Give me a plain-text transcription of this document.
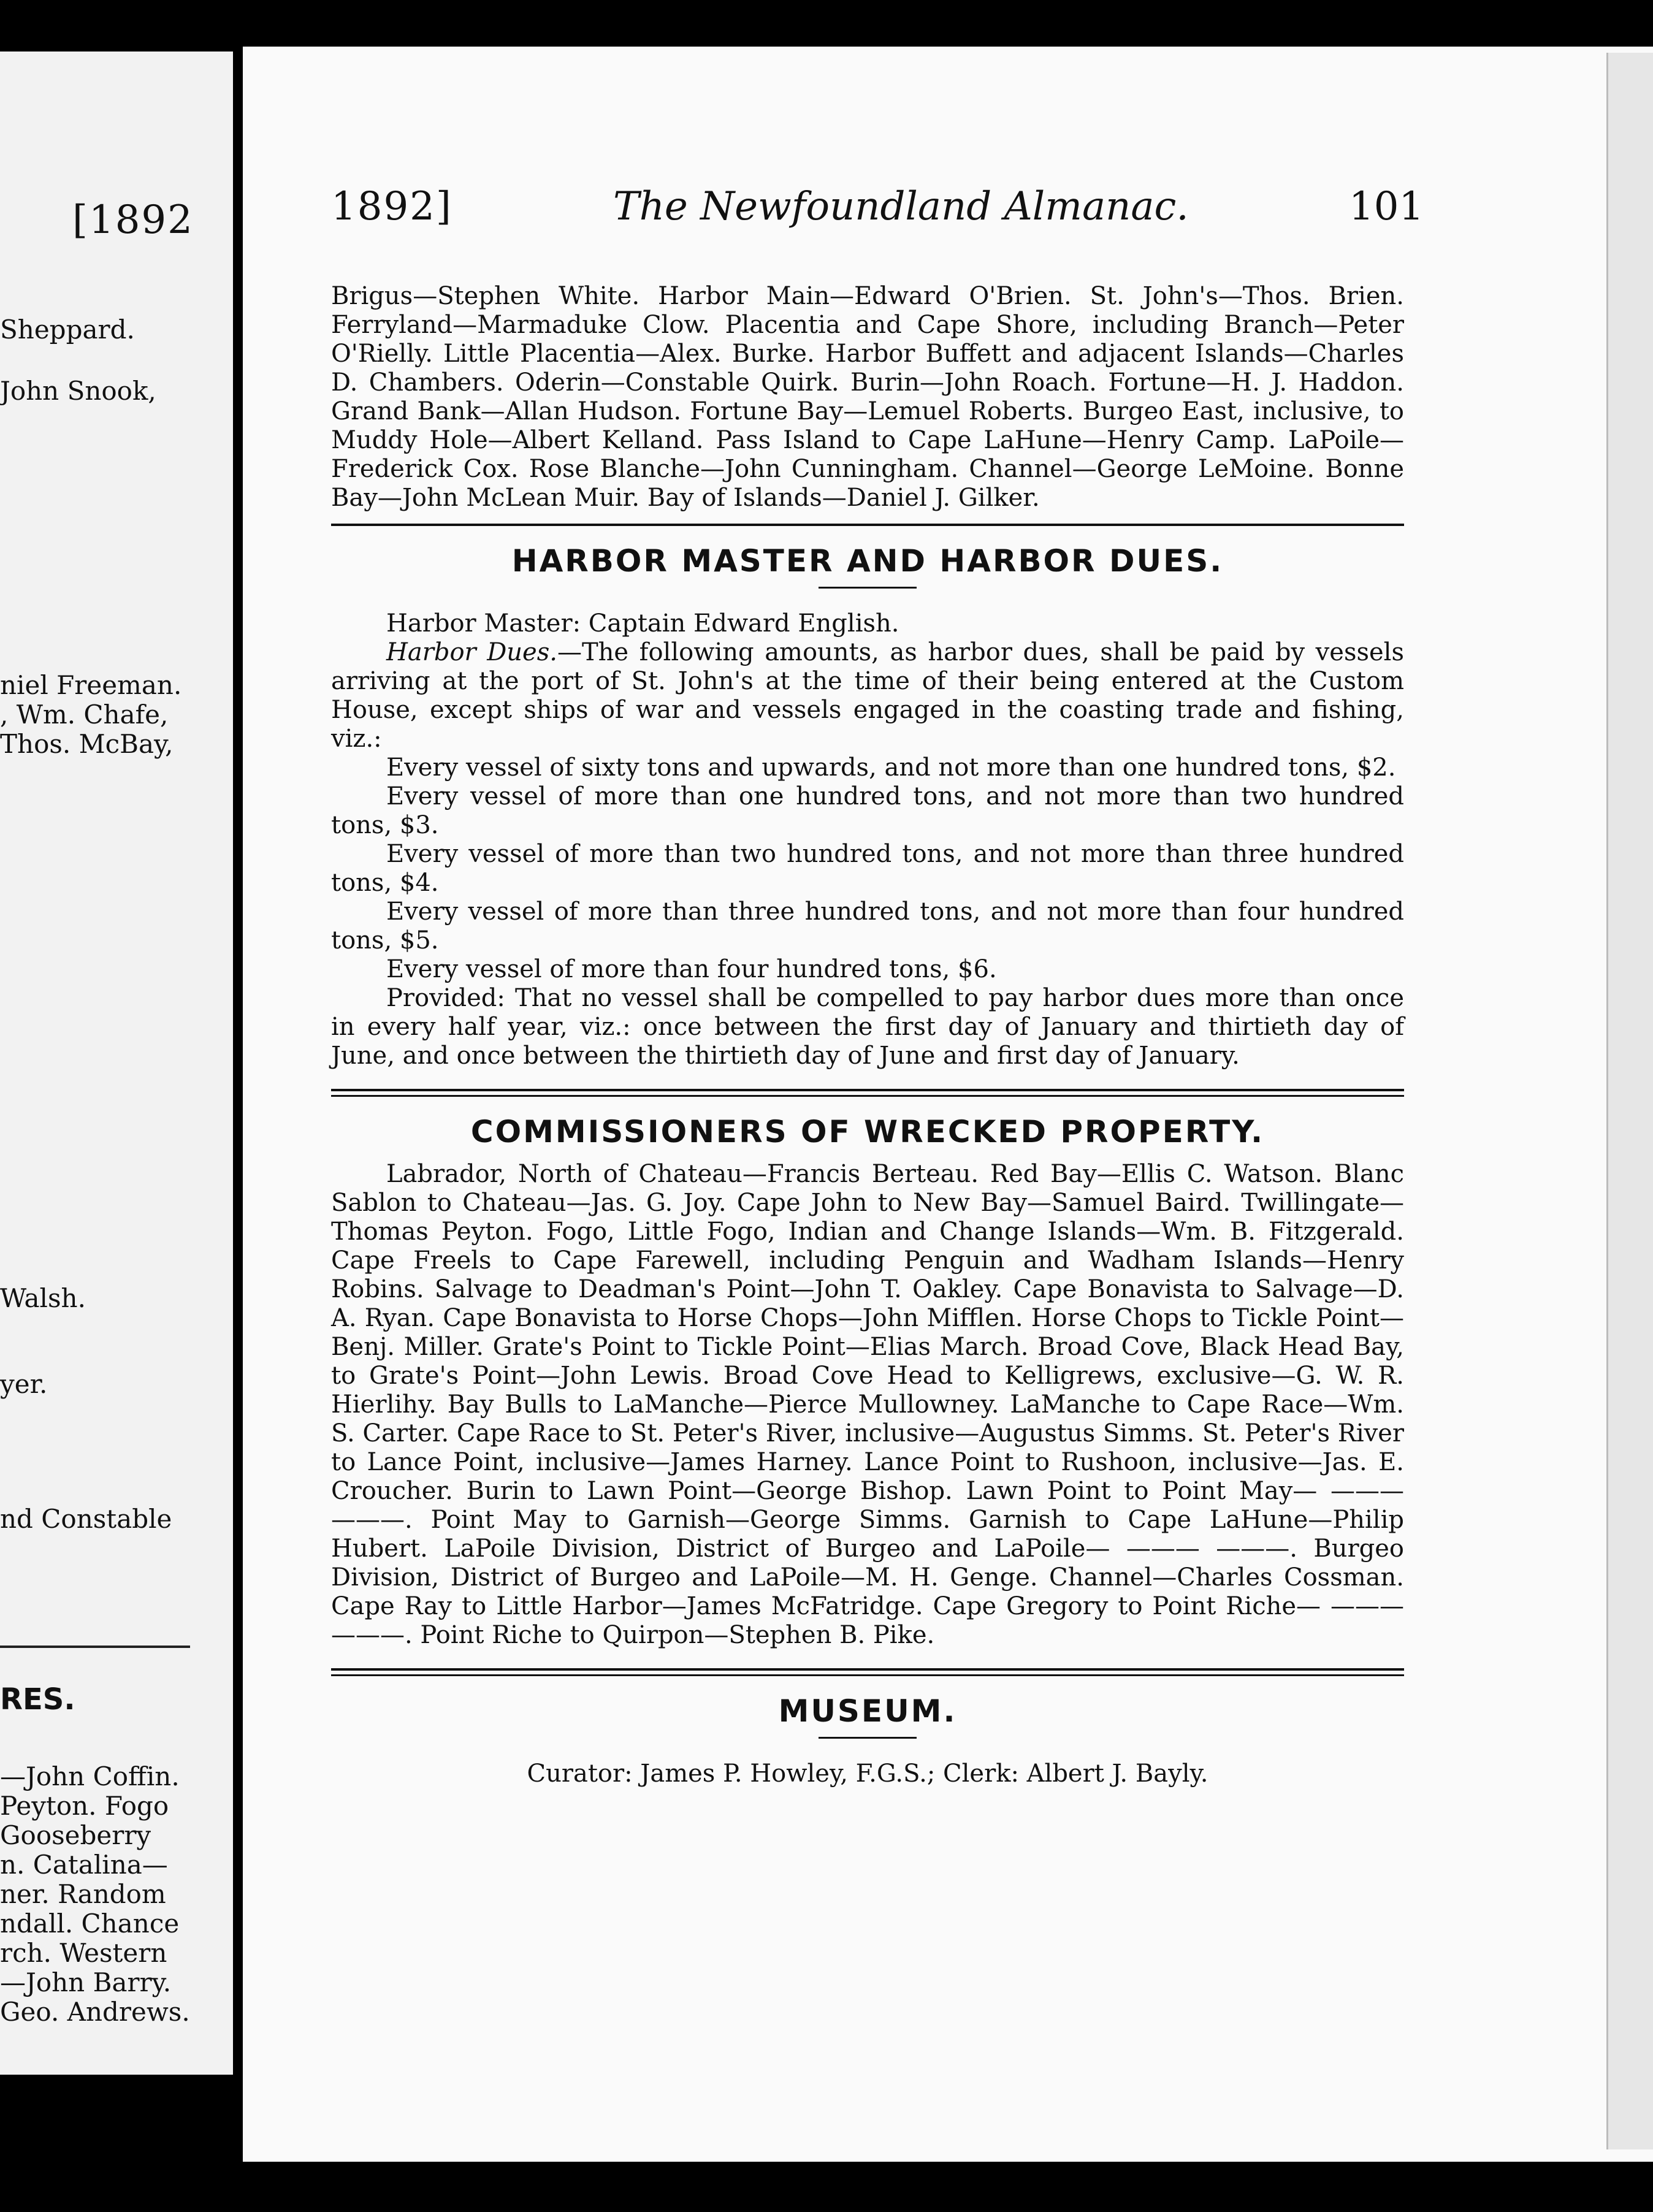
[1892
Sheppard.
John Snook,
niel Freeman.
, Wm. Chafe,
Thos. McBay,
Walsh.
yer.
nd Constable
RES.
—John Coffin.
Peyton. Fogo
Gooseberry
n. Catalina—
ner. Random
ndall. Chance
rch. Western
—John Barry.
Geo. Andrews.
1892]	The Newfoundland Almanac.	101

Brigus—Stephen White. Harbor Main—Edward O'Brien. St. John's—Thos. Brien. Ferryland—Marmaduke Clow. Placentia and Cape Shore, including Branch—Peter O'Rielly. Little Placentia—Alex. Burke. Harbor Buffett and adjacent Islands—Charles D. Chambers. Oderin—Constable Quirk. Burin—John Roach. Fortune—H. J. Haddon. Grand Bank—Allan Hudson. Fortune Bay—Lemuel Roberts. Burgeo East, inclusive, to Muddy Hole—Albert Kelland. Pass Island to Cape LaHune—Henry Camp. LaPoile—Frederick Cox. Rose Blanche—John Cunningham. Channel—George LeMoine. Bonne Bay—John McLean Muir. Bay of Islands—Daniel J. Gilker.

HARBOR MASTER AND HARBOR DUES.

Harbor Master: Captain Edward English.

Harbor Dues.—The following amounts, as harbor dues, shall be paid by vessels arriving at the port of St. John's at the time of their being entered at the Custom House, except ships of war and vessels engaged in the coasting trade and fishing, viz.:

Every vessel of sixty tons and upwards, and not more than one hundred tons, $2.

Every vessel of more than one hundred tons, and not more than two hundred tons, $3.

Every vessel of more than two hundred tons, and not more than three hundred tons, $4.

Every vessel of more than three hundred tons, and not more than four hundred tons, $5.

Every vessel of more than four hundred tons, $6.

Provided: That no vessel shall be compelled to pay harbor dues more than once in every half year, viz.: once between the first day of January and thirtieth day of June, and once between the thirtieth day of June and first day of January.

COMMISSIONERS OF WRECKED PROPERTY.

Labrador, North of Chateau—Francis Berteau. Red Bay—Ellis C. Watson. Blanc Sablon to Chateau—Jas. G. Joy. Cape John to New Bay—Samuel Baird. Twillingate—Thomas Peyton. Fogo, Little Fogo, Indian and Change Islands—Wm. B. Fitzgerald. Cape Freels to Cape Farewell, including Penguin and Wadham Islands—Henry Robins. Salvage to Deadman's Point—John T. Oakley. Cape Bonavista to Salvage—D. A. Ryan. Cape Bonavista to Horse Chops—John Mifflen. Horse Chops to Tickle Point—Benj. Miller. Grate's Point to Tickle Point—Elias March. Broad Cove, Black Head Bay, to Grate's Point—John Lewis. Broad Cove Head to Kelligrews, exclusive—G. W. R. Hierlihy. Bay Bulls to LaManche—Pierce Mullowney. LaManche to Cape Race—Wm. S. Carter. Cape Race to St. Peter's River, inclusive—Augustus Simms. St. Peter's River to Lance Point, inclusive—James Harney. Lance Point to Rushoon, inclusive—Jas. E. Croucher. Burin to Lawn Point—George Bishop. Lawn Point to Point May— ——— ———. Point May to Garnish—George Simms. Garnish to Cape LaHune—Philip Hubert. LaPoile Division, District of Burgeo and LaPoile— ——— ———. Burgeo Division, District of Burgeo and LaPoile—M. H. Genge. Channel—Charles Cossman. Cape Ray to Little Harbor—James McFatridge. Cape Gregory to Point Riche— ——— ———. Point Riche to Quirpon—Stephen B. Pike.

MUSEUM.

Curator: James P. Howley, F.G.S.; Clerk: Albert J. Bayly.
